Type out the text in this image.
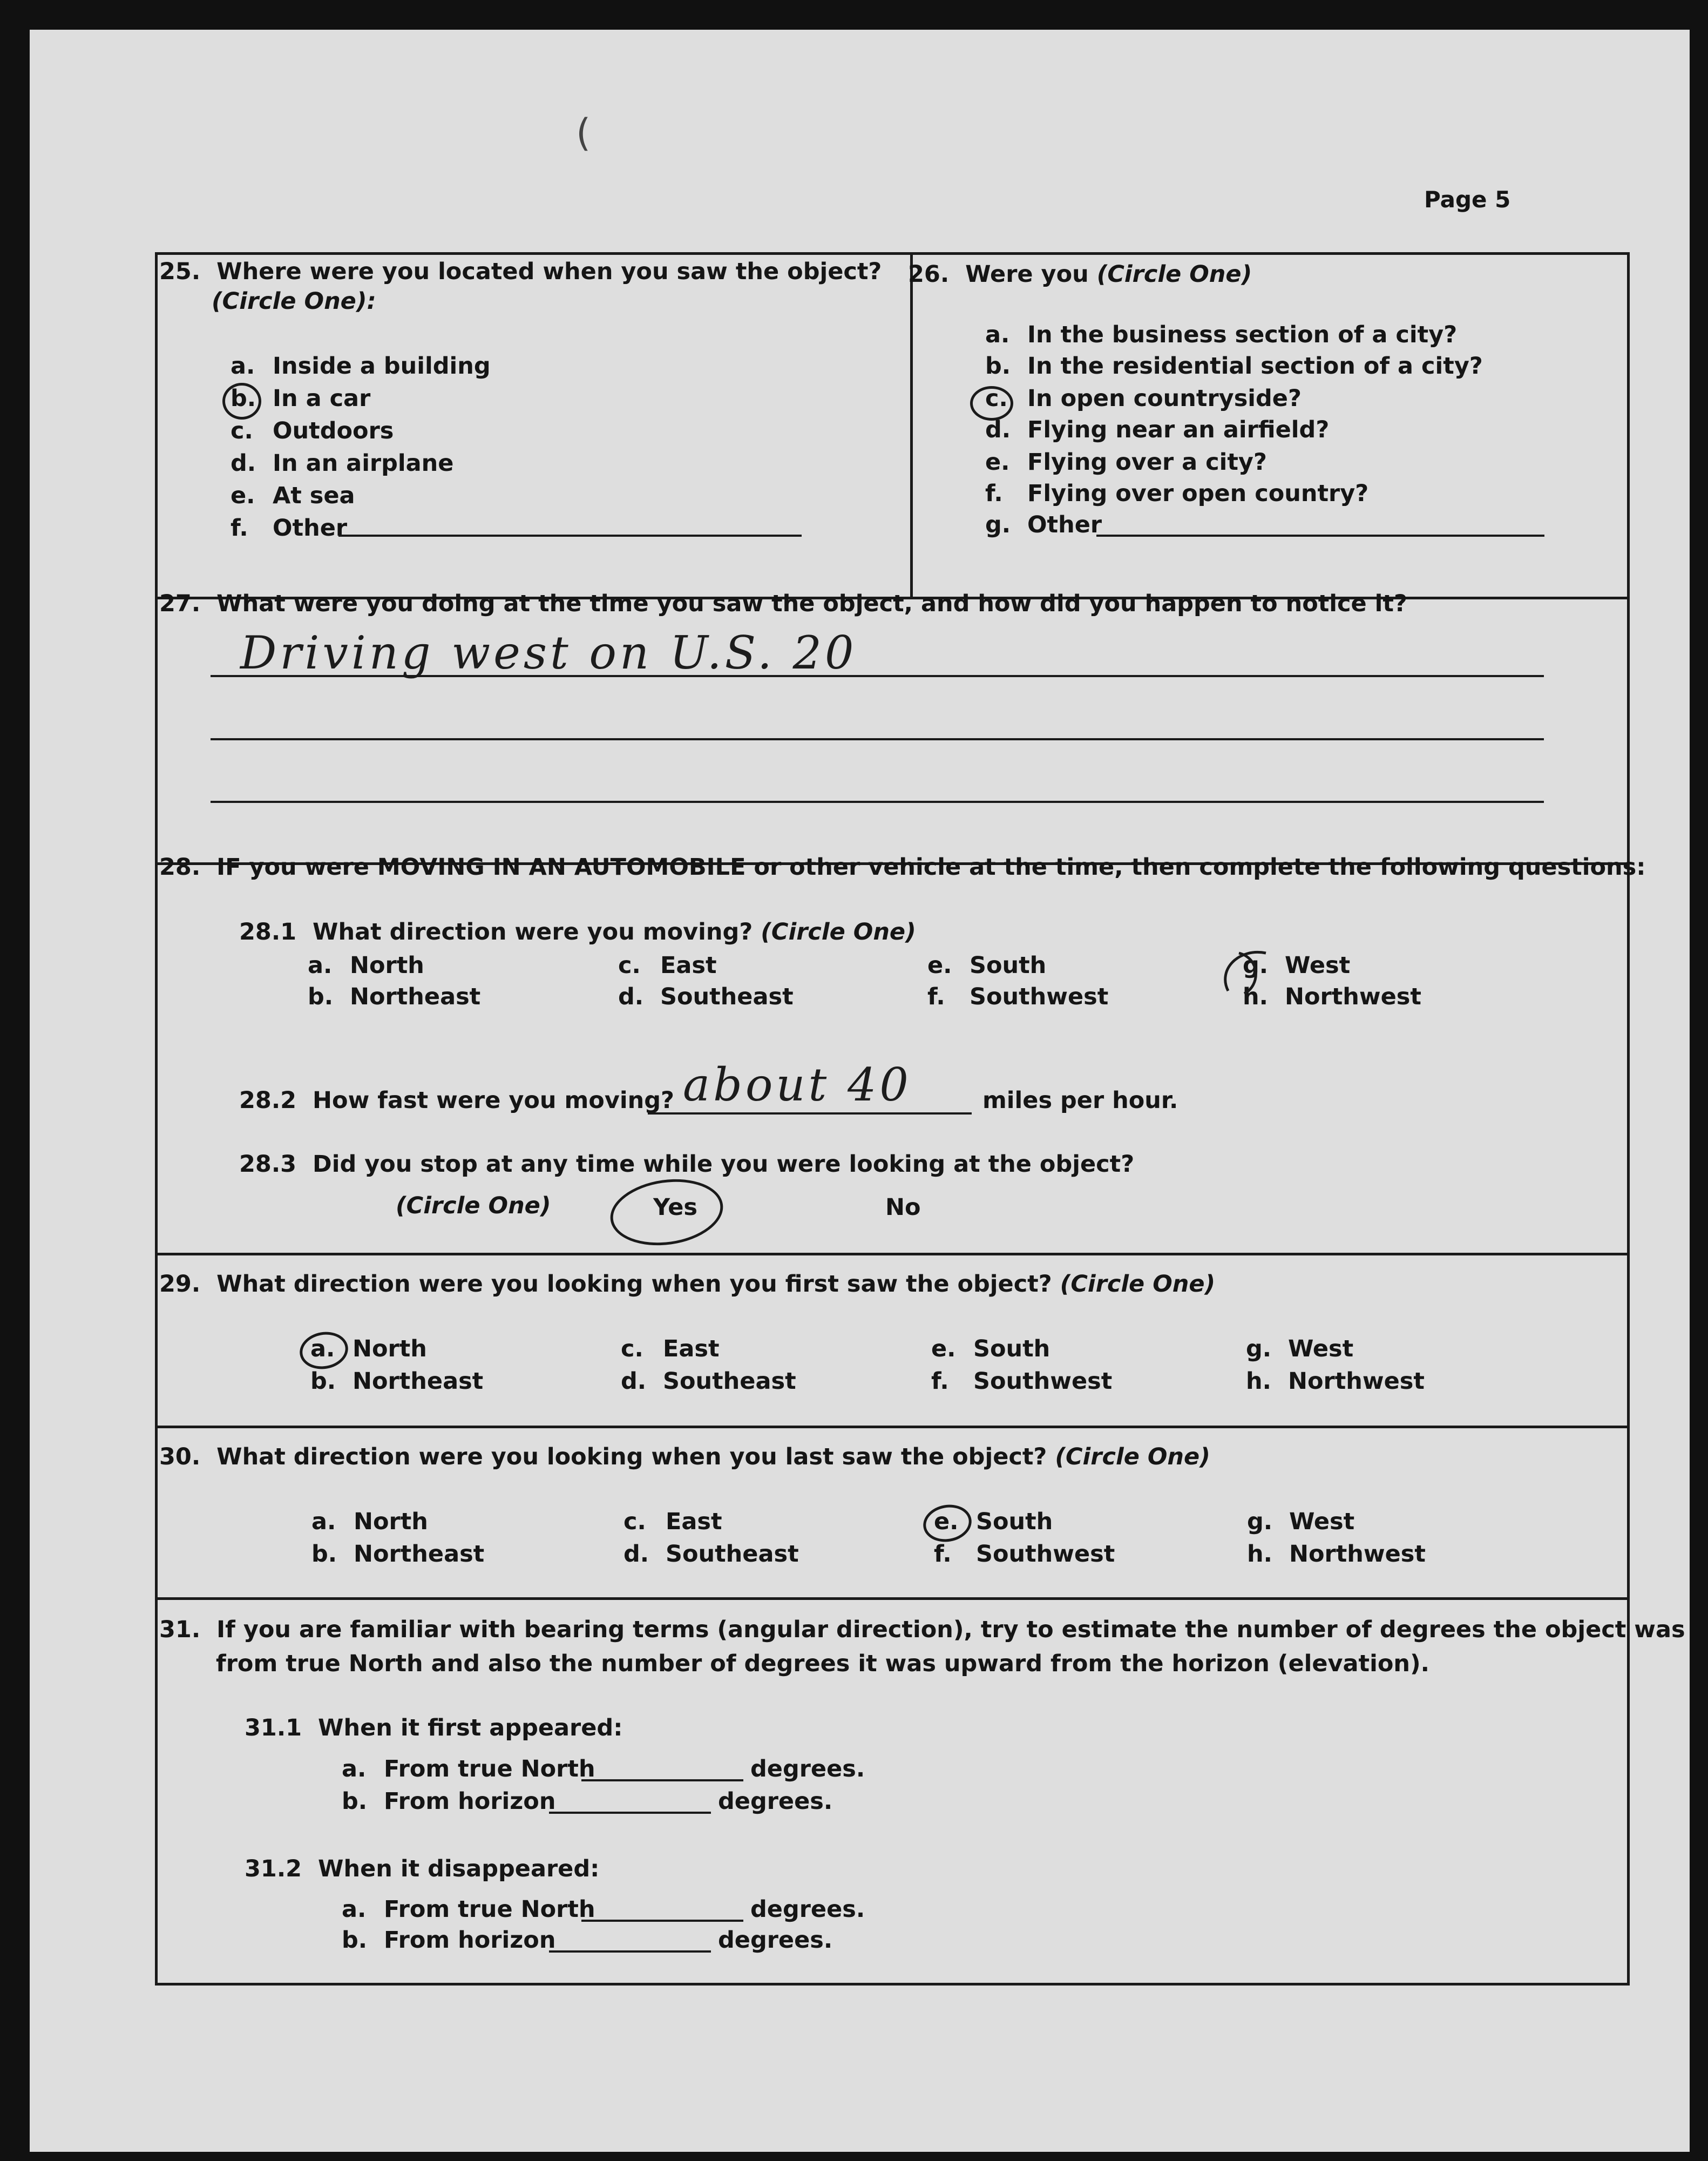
Page 5
(
25. Where were you located when you saw the object?
(Circle One):
a. Inside a building
b. In a car
c. Outdoors
d. In an airplane
e. At sea
f. Other
26. Were you (Circle One)
a. In the business section of a city?
b. In the residential section of a city?
c. In open countryside?
d. Flying near an airfield?
e. Flying over a city?
f. Flying over open country?
g. Other
27. What were you doing at the time you saw the object, and how did you happen to notice it?
Driving west on U.S. 20
28. IF you were MOVING IN AN AUTOMOBILE or other vehicle at the time, then complete the following questions:
28.1 What direction were you moving? (Circle One)
a. North
b. Northeast
c. East
d. Southeast
e. South
f. Southwest
g. West
h. Northwest
28.2 How fast were you moving? about 40	miles per hour.
28.3 Did you stop at any time while you were looking at the object?
(Circle One)	Yes	No
29. What direction were you looking when you first saw the object? (Circle One)
a. North
b. Northeast
c. East
d. Southeast
e. South
f. Southwest
g. West
h. Northwest
30. What direction were you looking when you last saw the object? (Circle One)
a. North
b. Northeast
c. East
d. Southeast
e. South
f. Southwest
g. West
h. Northwest
31. If you are familiar with bearing terms (angular direction), try to estimate the number of degrees the object was
from true North and also the number of degrees it was upward from the horizon (elevation).
31.1 When it first appeared:
a. From true North	degrees.
b. From horizon	degrees.
31.2 When it disappeared:
a. From true North	degrees.
b. From horizon	degrees.
